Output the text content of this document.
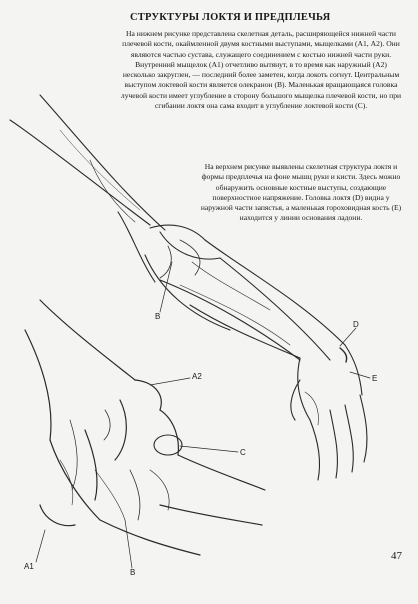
СТРУКТУРЫ ЛОКТЯ И ПРЕДПЛЕЧЬЯ
На нижнем рисунке представлена скелетная деталь, расширяющейся нижней части плечевой кости, окаймленной двумя костными выступами, мыщелками (А1, А2). Они являются частью сустава, служащего соединением с костью нижней части руки. Внутренний мыщелок (А1) отчетливо вытянут, в то время как наружный (А2) несколько закруглен, — последний более заметен, когда локоть согнут. Центральным выступом локтевой кости является олекранон (В). Маленькая вращающаяся головка лучевой кости имеет углубление в сторону большого мыщелка плечевой кости, но при сгибании локтя она сама входит в углубление локтевой кости (С).
На верхнем рисунке выявлены скелетная структура локтя и формы предплечья на фоне мышц руки и кисти. Здесь можно обнаружить основные костные выступы, создающие поверхностное напряжение. Головка локтя (D) видна у наружной части запястья, а маленькая гороховидная кость (Е) находится у линии основания ладони.
B
D
E
A2
C
A1
B
47
